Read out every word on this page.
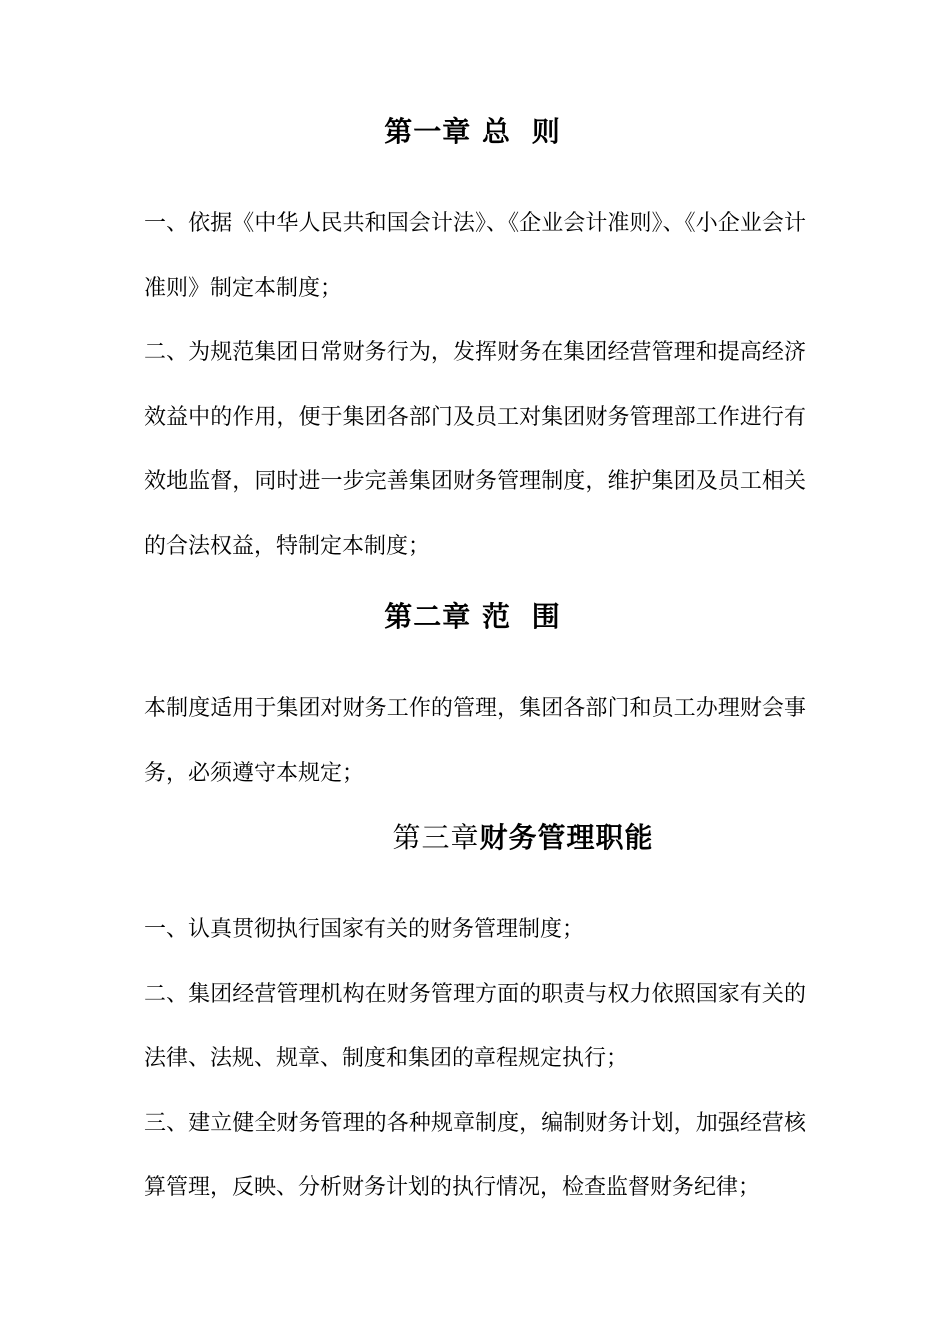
第一章 总 则

一、依据《中华人民共和国会计法》、《企业会计准则》、《小企业会计准则》制定本制度；

二、为规范集团日常财务行为，发挥财务在集团经营管理和提高经济效益中的作用，便于集团各部门及员工对集团财务管理部工作进行有效地监督，同时进一步完善集团财务管理制度，维护集团及员工相关的合法权益，特制定本制度；

第二章 范 围

本制度适用于集团对财务工作的管理，集团各部门和员工办理财会事务，必须遵守本规定；

第三章财务管理职能

一、认真贯彻执行国家有关的财务管理制度；

二、集团经营管理机构在财务管理方面的职责与权力依照国家有关的法律、法规、规章、制度和集团的章程规定执行；

三、建立健全财务管理的各种规章制度，编制财务计划，加强经营核算管理，反映、分析财务计划的执行情况，检查监督财务纪律；
